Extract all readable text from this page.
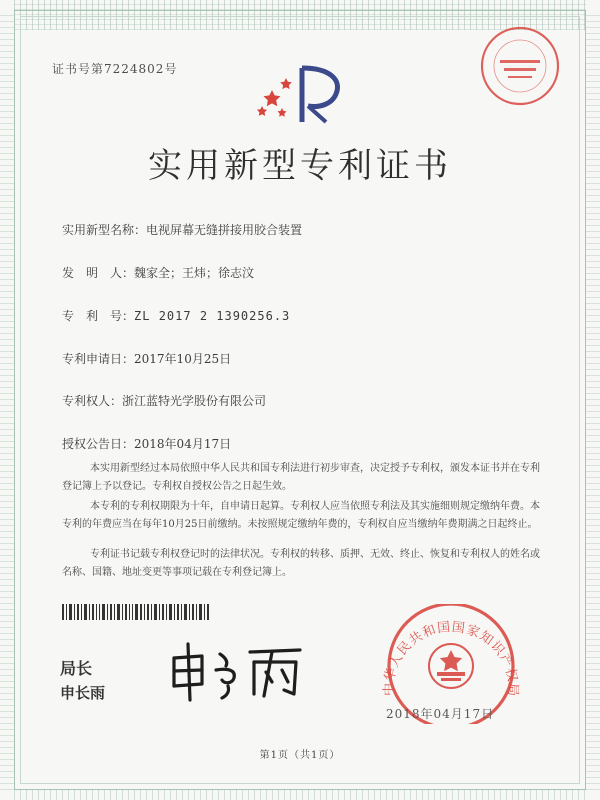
证书号第7224802号
实用新型专利证书
实用新型名称：电视屏幕无缝拼接用胶合装置
发　明　人：魏家全；王炜；徐志汶
专　利　号：ZL 2017 2 1390256.3
专利申请日：2017年10月25日
专利权人：浙江蓝特光学股份有限公司
授权公告日：2018年04月17日
本实用新型经过本局依照中华人民共和国专利法进行初步审查，决定授予专利权，颁发本证书并在专利登记簿上予以登记。专利权自授权公告之日起生效。
本专利的专利权期限为十年，自申请日起算。专利权人应当依照专利法及其实施细则规定缴纳年费。本专利的年费应当在每年10月25日前缴纳。未按照规定缴纳年费的，专利权自应当缴纳年费期满之日起终止。
专利证书记载专利权登记时的法律状况。专利权的转移、质押、无效、终止、恢复和专利权人的姓名或名称、国籍、地址变更等事项记载在专利登记簿上。
局长
申长雨	中华人民共和国国家知识产权局
2018年04月17日
第1页（共1页）
